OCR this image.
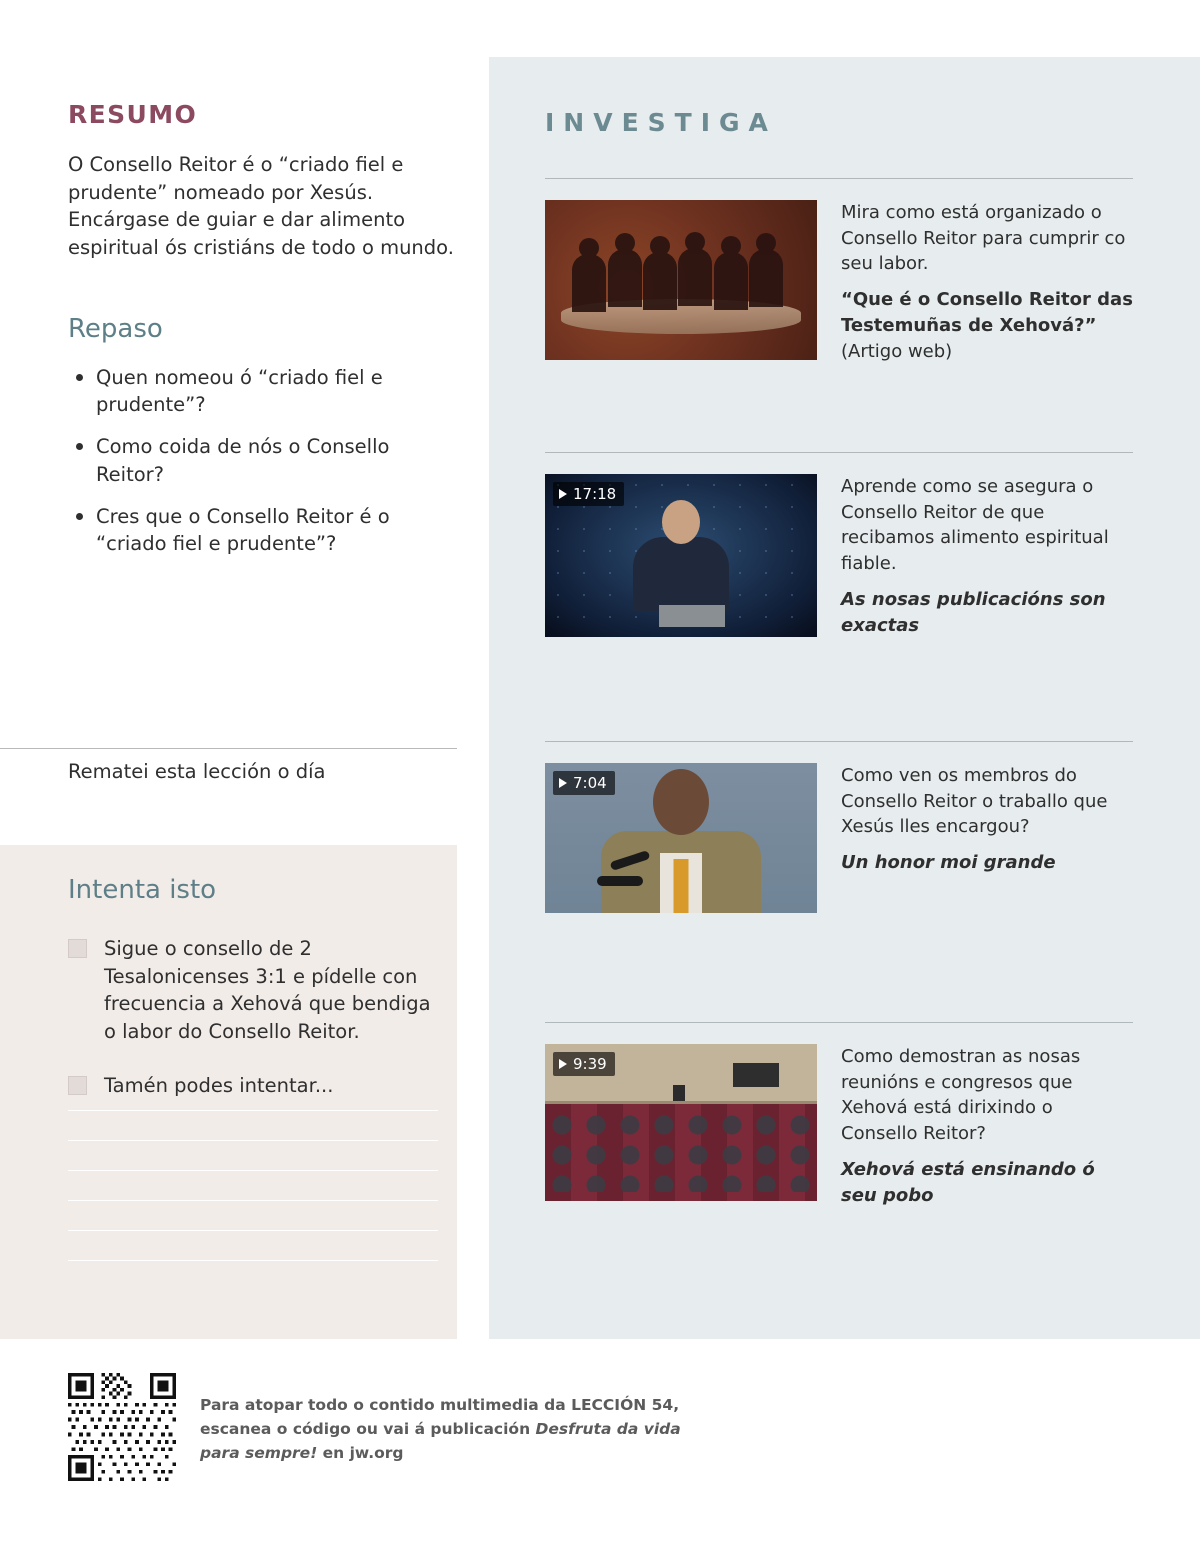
RESUMO

O Consello Reitor é o “criado fiel e prudente” nomeado por Xesús. Encárgase de guiar e dar alimento espiritual ós cristiáns de todo o mundo.

Repaso
Quen nomeou ó “criado fiel e prudente”?
Como coida de nós o Consello Reitor?
Cres que o Consello Reitor é o “criado fiel e prudente”?
Rematei esta lección o día
Intenta isto
Sigue o consello de 2 Tesalonicenses 3:1 e pídelle con frecuencia a Xehová que bendiga o labor do Consello Reitor.
Tamén podes intentar...
INVESTIGA

Mira como está organizado o Consello Reitor para cumprir co seu labor.

“Que é o Consello Reitor das Testemuñas de Xehová?”

(Artigo web)

17:18	Aprende como se asegura o Consello Reitor de que recibamos alimento espiritual fiable.

As nosas publicacións son exactas

7:04	Como ven os membros do Consello Reitor o traballo que Xesús lles encargou?

Un honor moi grande

9:39	Como demostran as nosas reunións e congresos que Xehová está dirixindo o Consello Reitor?

Xehová está ensinando ó seu pobo

Para atopar todo o contido multimedia da LECCIÓN 54,
escanea o código ou vai á publicación Desfruta da vida
para sempre! en jw.org
